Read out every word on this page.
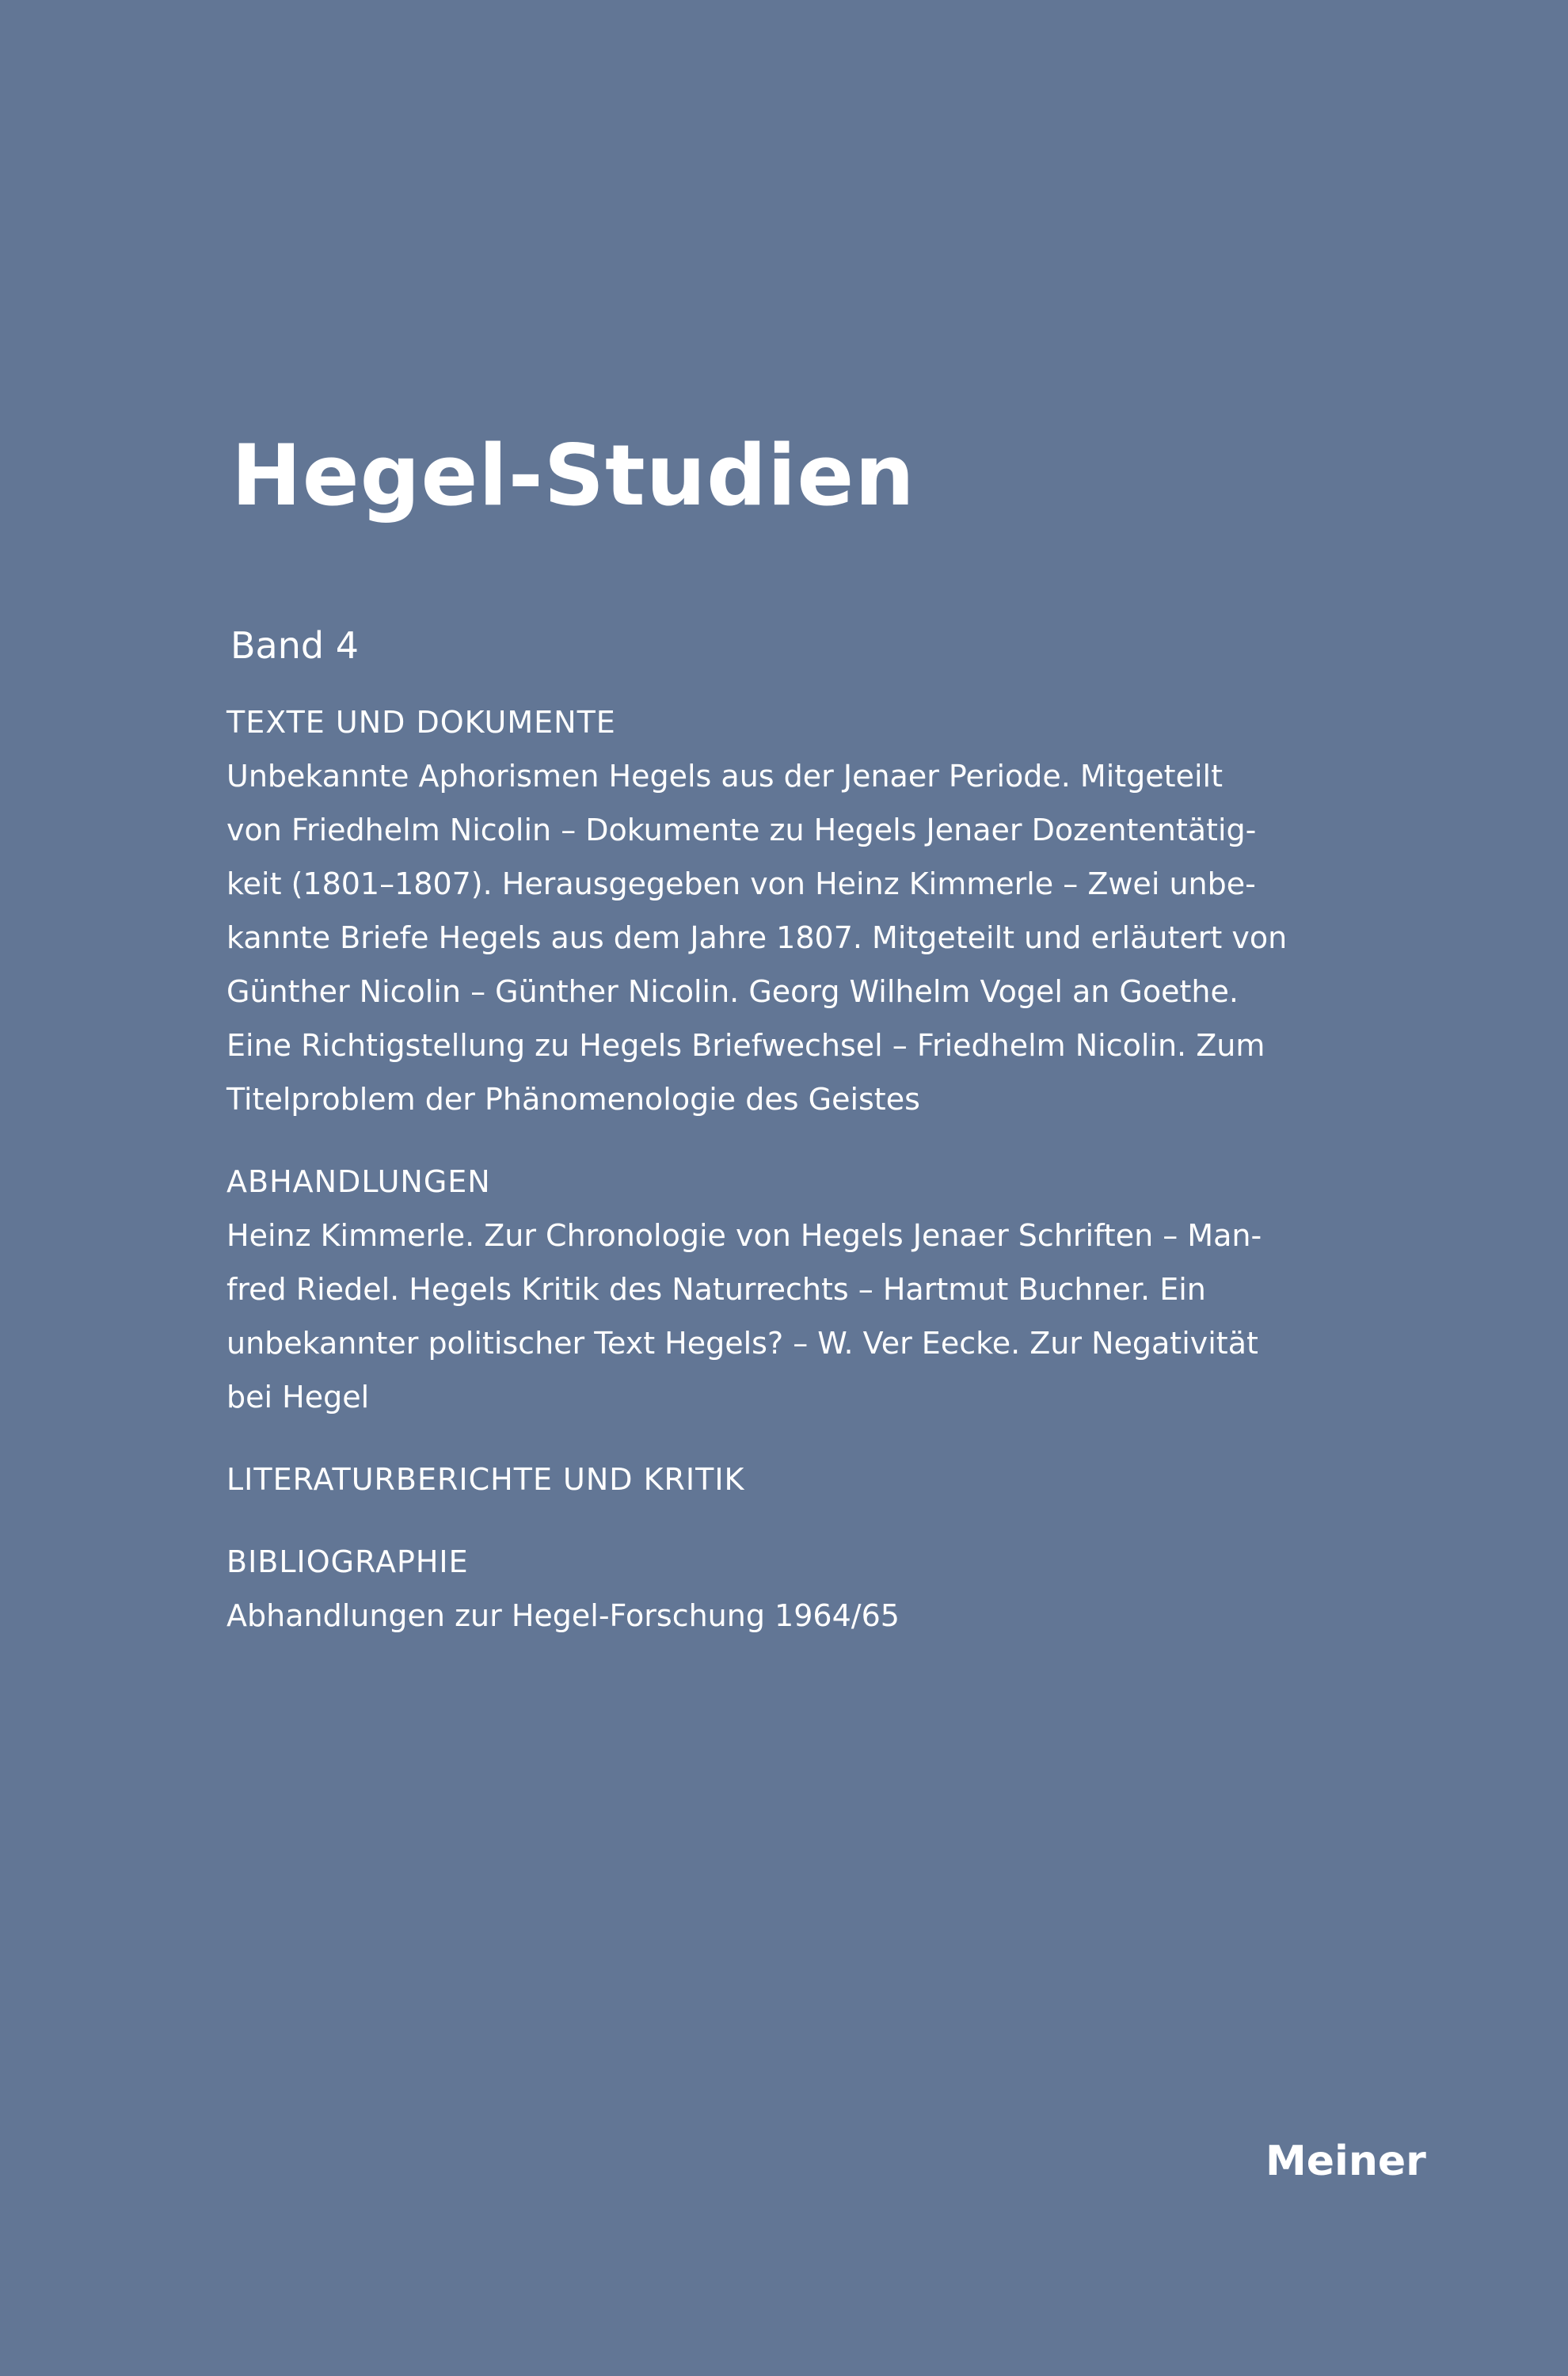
Hegel-Studien
Band 4
TEXTE UND DOKUMENTE
Unbekannte Aphorismen Hegels aus der Jenaer Periode. Mitgeteilt
von Friedhelm Nicolin – Dokumente zu Hegels Jenaer Dozententätig-
keit (1801–1807). Herausgegeben von Heinz Kimmerle – Zwei unbe-
kannte Briefe Hegels aus dem Jahre 1807. Mitgeteilt und erläutert von
Günther Nicolin – Günther Nicolin. Georg Wilhelm Vogel an Goethe.
Eine Richtigstellung zu Hegels Briefwechsel – Friedhelm Nicolin. Zum
Titelproblem der Phänomenologie des Geistes
ABHANDLUNGEN
Heinz Kimmerle. Zur Chronologie von Hegels Jenaer Schriften – Man-
fred Riedel. Hegels Kritik des Naturrechts – Hartmut Buchner. Ein
unbekannter politischer Text Hegels? – W. Ver Eecke. Zur Negativität
bei Hegel
LITERATURBERICHTE UND KRITIK
BIBLIOGRAPHIE
Abhandlungen zur Hegel-Forschung 1964/65
Meiner
